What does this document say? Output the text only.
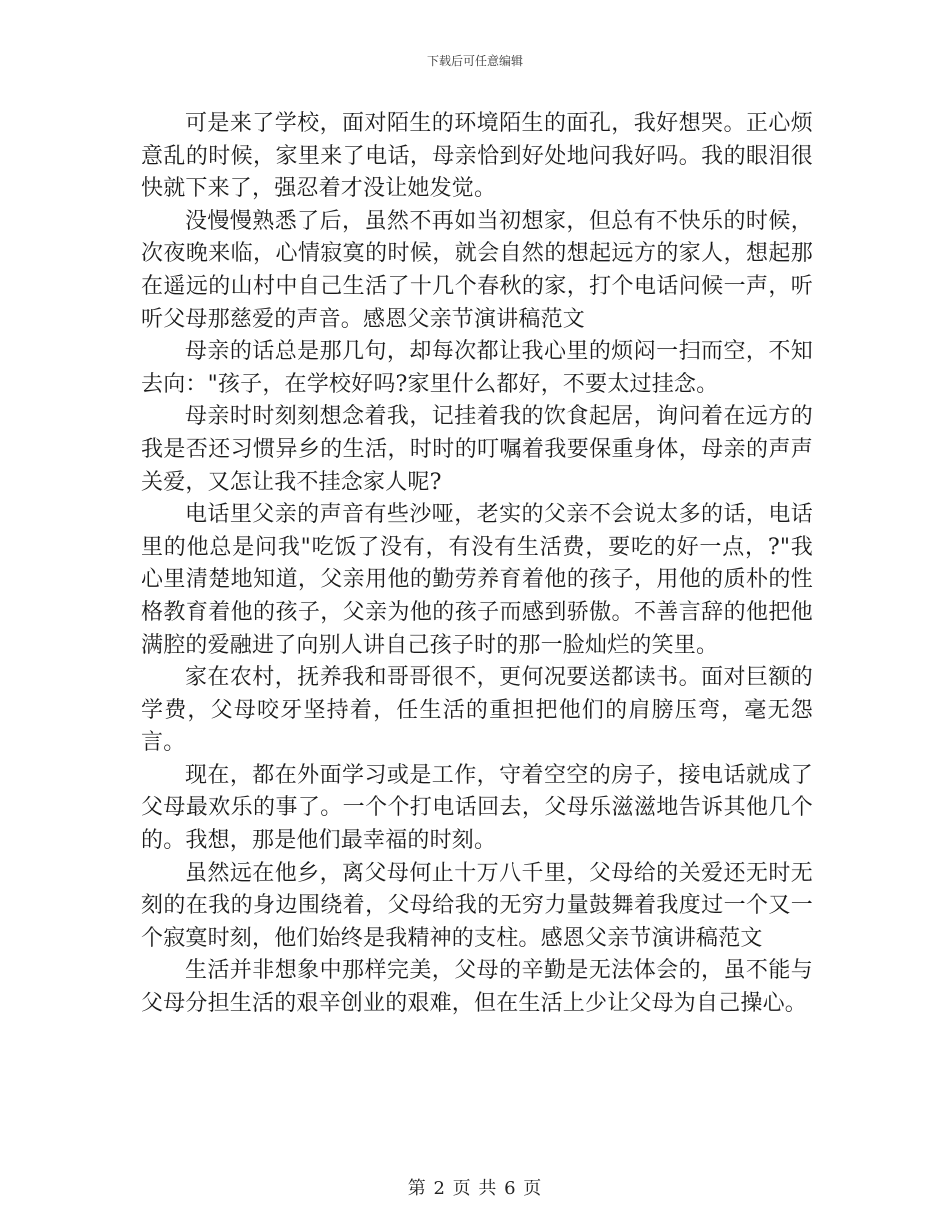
下载后可任意编辑

可是来了学校，面对陌生的环境陌生的面孔，我好想哭。正心烦意乱的时候，家里来了电话，母亲恰到好处地问我好吗。我的眼泪很快就下来了，强忍着才没让她发觉。

没慢慢熟悉了后，虽然不再如当初想家，但总有不快乐的时候，次夜晚来临，心情寂寞的时候，就会自然的想起远方的家人，想起那在遥远的山村中自己生活了十几个春秋的家，打个电话问候一声，听听父母那慈爱的声音。感恩父亲节演讲稿范文

母亲的话总是那几句，却每次都让我心里的烦闷一扫而空，不知去向："孩子，在学校好吗?家里什么都好，不要太过挂念。

母亲时时刻刻想念着我，记挂着我的饮食起居，询问着在远方的我是否还习惯异乡的生活，时时的叮嘱着我要保重身体，母亲的声声关爱，又怎让我不挂念家人呢?

电话里父亲的声音有些沙哑，老实的父亲不会说太多的话，电话里的他总是问我"吃饭了没有，有没有生活费，要吃的好一点，?"我心里清楚地知道，父亲用他的勤劳养育着他的孩子，用他的质朴的性格教育着他的孩子，父亲为他的孩子而感到骄傲。不善言辞的他把他满腔的爱融进了向别人讲自己孩子时的那一脸灿烂的笑里。

家在农村，抚养我和哥哥很不，更何况要送都读书。面对巨额的学费，父母咬牙坚持着，任生活的重担把他们的肩膀压弯，毫无怨言。

现在，都在外面学习或是工作，守着空空的房子，接电话就成了父母最欢乐的事了。一个个打电话回去，父母乐滋滋地告诉其他几个的。我想，那是他们最幸福的时刻。

虽然远在他乡，离父母何止十万八千里，父母给的关爱还无时无刻的在我的身边围绕着，父母给我的无穷力量鼓舞着我度过一个又一个寂寞时刻，他们始终是我精神的支柱。感恩父亲节演讲稿范文

生活并非想象中那样完美，父母的辛勤是无法体会的，虽不能与父母分担生活的艰辛创业的艰难，但在生活上少让父母为自己操心。

第 2 页 共 6 页
